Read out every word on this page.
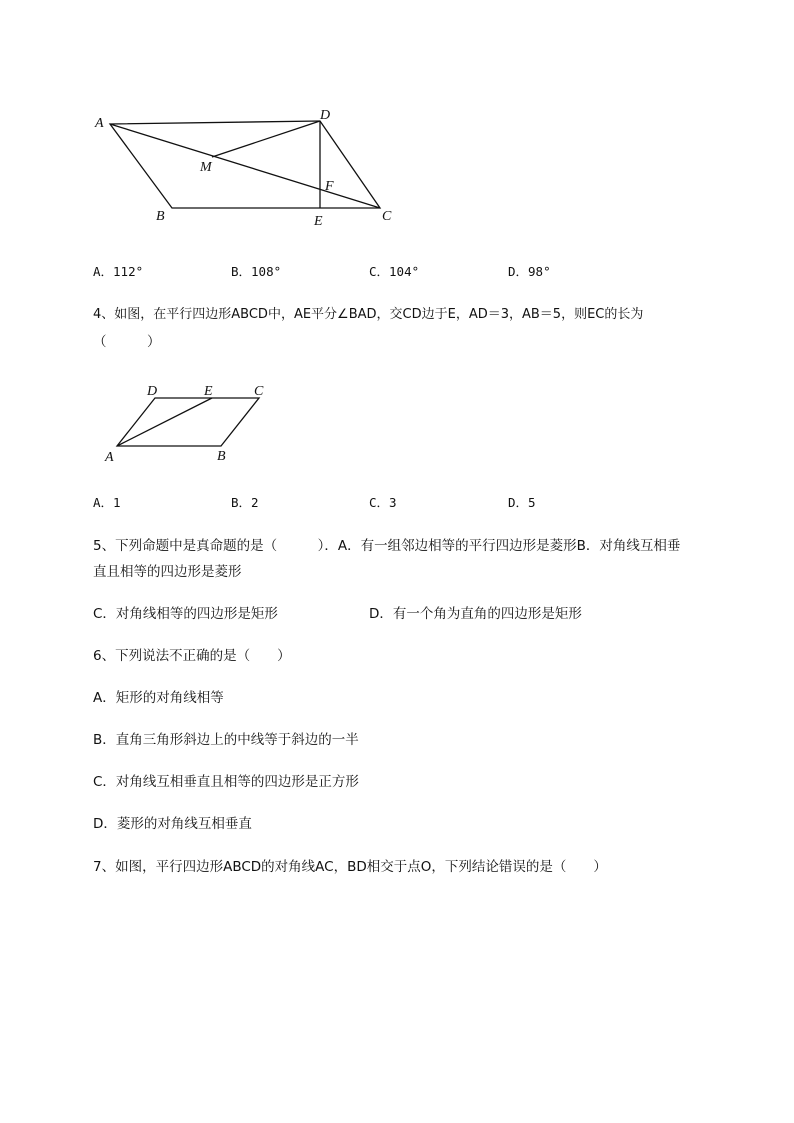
A
D
M
F
B	E	C
A．112°	B．108°	C．104°	D．98°
4、如图，在平行四边形ABCD中，AE平分∠BAD，交CD边于E，AD＝3，AB＝5，则EC的长为
（　　　）
D	E	C
A	B
A．1	B．2	C．3	D．5
5、下列命题中是真命题的是（　　　）．A．有一组邻边相等的平行四边形是菱形B．对角线互相垂
直且相等的四边形是菱形
C．对角线相等的四边形是矩形	D．有一个角为直角的四边形是矩形
6、下列说法不正确的是（　　）
A．矩形的对角线相等
B．直角三角形斜边上的中线等于斜边的一半
C．对角线互相垂直且相等的四边形是正方形
D．菱形的对角线互相垂直
7、如图，平行四边形ABCD的对角线AC，BD相交于点O，下列结论错误的是（　　）
